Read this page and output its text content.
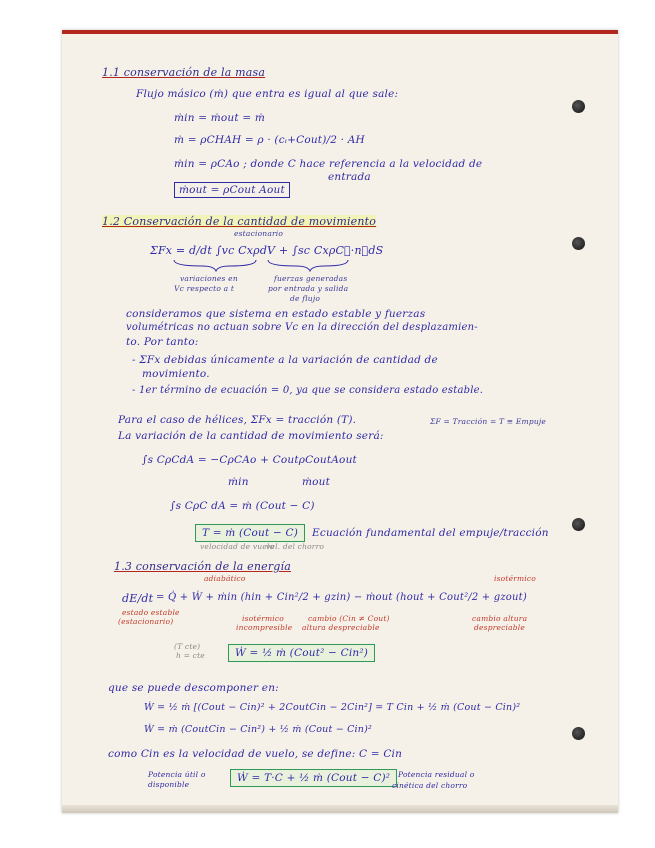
1.1 conservación de la masa
Flujo másico (ṁ) que entra es igual al que sale:
ṁin = ṁout = ṁ
ṁ = ρCHAH = ρ · (cᵢ+Cout)/2 · AH
ṁin = ρCAo ; donde C hace referencia a la velocidad de
entrada
ṁout = ρCout Aout
1.2 Conservación de la cantidad de movimiento
estacionario
ΣFx = d/dt ∫vc CxρdV + ∫sc CxρC⃗·n⃗dS
variaciones en
Vc respecto a t
fuerzas generadas
por entrada y salida
de flujo
consideramos que sistema en estado estable y fuerzas
volumétricas no actuan sobre Vc en la dirección del desplazamien-
to. Por tanto:
- ΣFx debidas únicamente a la variación de cantidad de
movimiento.
- 1er término de ecuación = 0, ya que se considera estado estable.
Para el caso de hélices, ΣFx = tracción (T).	ΣF = Tracción = T ≡ Empuje
La variación de la cantidad de movimiento será:
∫s CρCdA = −CρCAo + CoutρCoutAout
ṁin	ṁout
∫s CρC dA = ṁ (Cout − C)
T = ṁ (Cout − C)	Ecuación fundamental del empuje/tracción
velocidad de vuelo
vel. del chorro
1.3 conservación de la energía
adiabático	isotérmico
dE/dt = Q̇ + Ẇ + ṁin (hin + Cin²/2 + gzin) − ṁout (hout + Cout²/2 + gzout)
estado estable
(estacionario)	isotérmico
incompresible
cambio (Cin ≠ Cout)
altura despreciable
cambio altura
despreciable
(T cte)
h = cte	Ẇ = ½ ṁ (Cout² − Cin²)
que se puede descomponer en:
Ẇ = ½ ṁ [(Cout − Cin)² + 2CoutCin − 2Cin²] = T Cin + ½ ṁ (Cout − Cin)²
Ẇ = ṁ (CoutCin − Cin²) + ½ ṁ (Cout − Cin)²
como Cin es la velocidad de vuelo, se define: C = Cin
Potencia útil o
disponible
Ẇ = T·C + ½ ṁ (Cout − C)²	Potencia residual o
cinética del chorro
